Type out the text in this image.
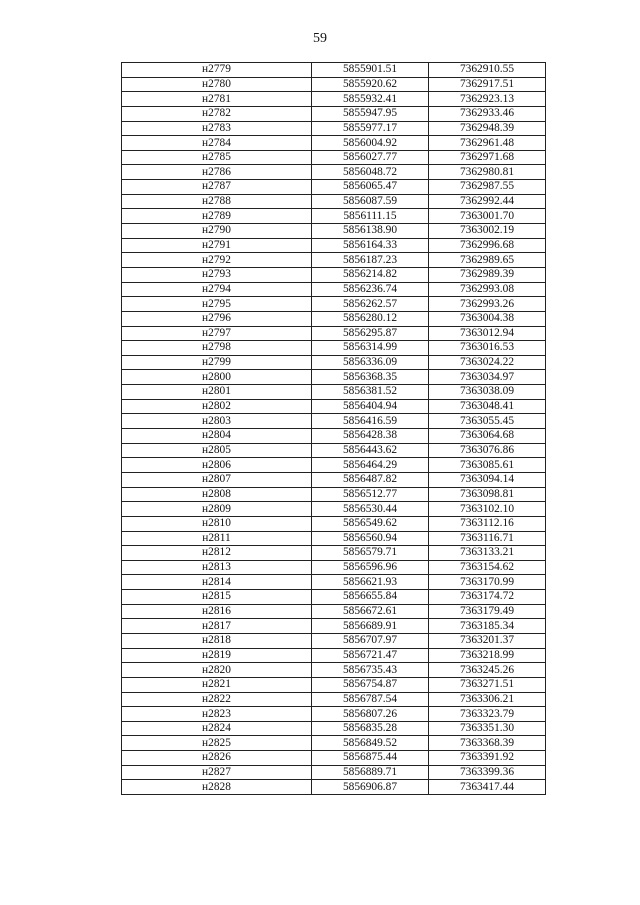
59
н2779	5855901.51	7362910.55
н2780	5855920.62	7362917.51
н2781	5855932.41	7362923.13
н2782	5855947.95	7362933.46
н2783	5855977.17	7362948.39
н2784	5856004.92	7362961.48
н2785	5856027.77	7362971.68
н2786	5856048.72	7362980.81
н2787	5856065.47	7362987.55
н2788	5856087.59	7362992.44
н2789	5856111.15	7363001.70
н2790	5856138.90	7363002.19
н2791	5856164.33	7362996.68
н2792	5856187.23	7362989.65
н2793	5856214.82	7362989.39
н2794	5856236.74	7362993.08
н2795	5856262.57	7362993.26
н2796	5856280.12	7363004.38
н2797	5856295.87	7363012.94
н2798	5856314.99	7363016.53
н2799	5856336.09	7363024.22
н2800	5856368.35	7363034.97
н2801	5856381.52	7363038.09
н2802	5856404.94	7363048.41
н2803	5856416.59	7363055.45
н2804	5856428.38	7363064.68
н2805	5856443.62	7363076.86
н2806	5856464.29	7363085.61
н2807	5856487.82	7363094.14
н2808	5856512.77	7363098.81
н2809	5856530.44	7363102.10
н2810	5856549.62	7363112.16
н2811	5856560.94	7363116.71
н2812	5856579.71	7363133.21
н2813	5856596.96	7363154.62
н2814	5856621.93	7363170.99
н2815	5856655.84	7363174.72
н2816	5856672.61	7363179.49
н2817	5856689.91	7363185.34
н2818	5856707.97	7363201.37
н2819	5856721.47	7363218.99
н2820	5856735.43	7363245.26
н2821	5856754.87	7363271.51
н2822	5856787.54	7363306.21
н2823	5856807.26	7363323.79
н2824	5856835.28	7363351.30
н2825	5856849.52	7363368.39
н2826	5856875.44	7363391.92
н2827	5856889.71	7363399.36
н2828	5856906.87	7363417.44
